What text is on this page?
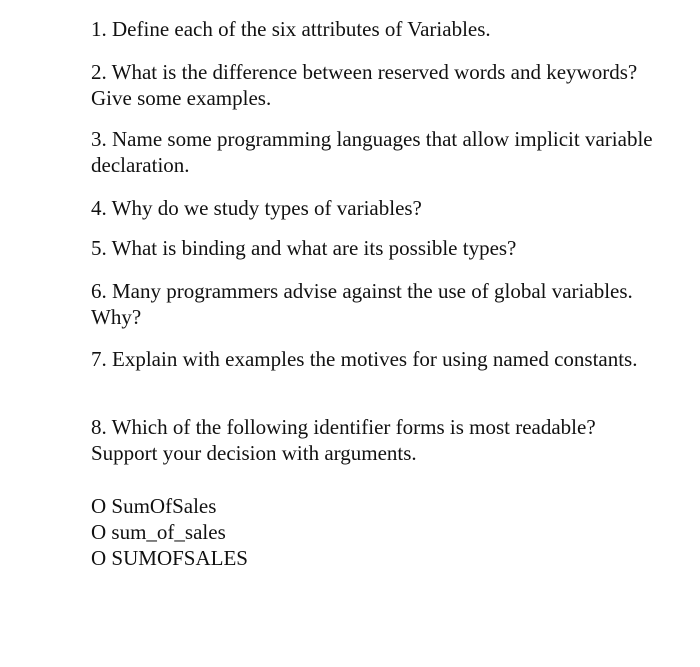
1. Define each of the six attributes of Variables.

2. What is the difference between reserved words and keywords? Give some examples.

3. Name some programming languages that allow implicit variable declaration.

4. Why do we study types of variables?

5. What is binding and what are its possible types?

6. Many programmers advise against the use of global variables. Why?

7. Explain with examples the motives for using named constants.

8. Which of the following identifier forms is most readable? Support your decision with arguments.

O SumOfSales
O sum_of_sales
O SUMOFSALES
